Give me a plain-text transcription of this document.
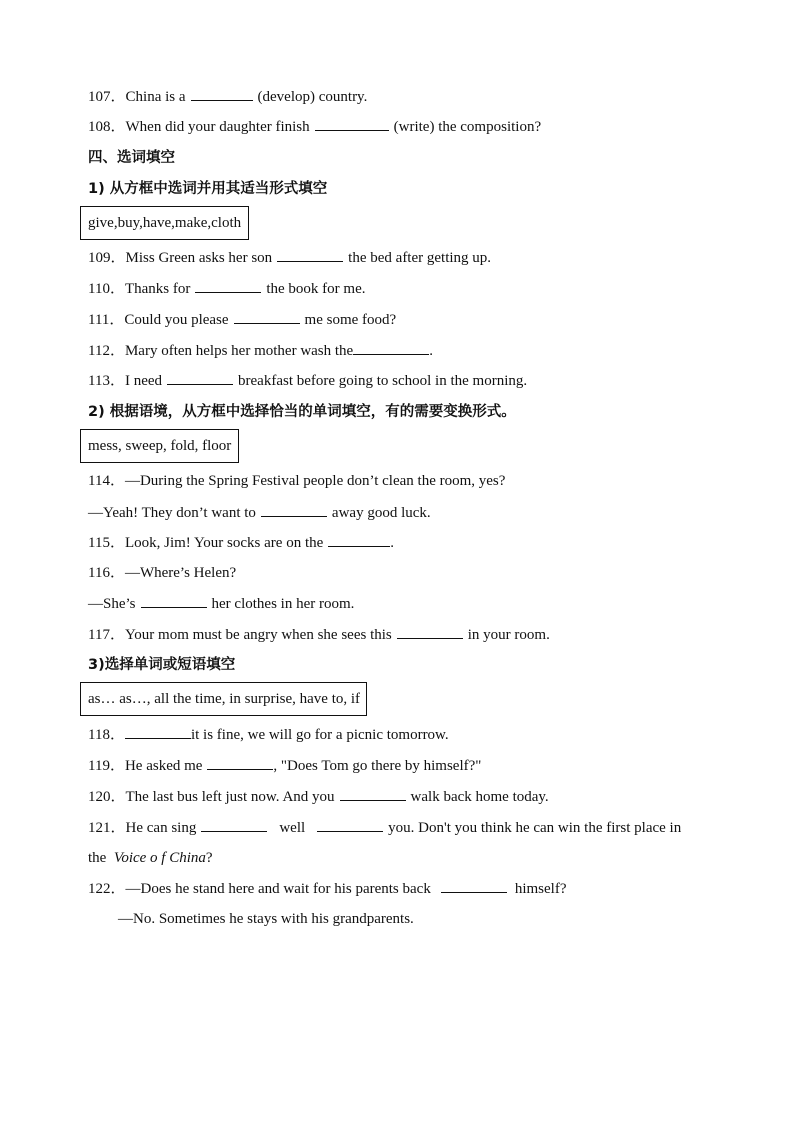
107．China is a	(develop) country.
108．When did your daughter finish	(write) the composition?
四、选词填空
1) 从方框中选词并用其适当形式填空
give,buy,have,make,cloth
109．Miss Green asks her son	the bed after getting up.
110．Thanks for	the book for me.
111．Could you please	me some food?
112．Mary often helps her mother wash the	.
113．I need	breakfast before going to school in the morning.
2) 根据语境，从方框中选择恰当的单词填空，有的需要变换形式。
mess, sweep, fold, floor
114．—During the Spring Festival people don’t clean the room, yes?
—Yeah! They don’t want to	away good luck.
115．Look, Jim! Your socks are on the	.
116．—Where’s Helen?
—She’s	her clothes in her room.
117．Your mom must be angry when she sees this	in your room.
3)选择单词或短语填空
as… as…, all the time, in surprise, have to, if
118．	it is fine, we will go for a picnic tomorrow.
119．He asked me	, "Does Tom go there by himself?"
120．The last bus left just now. And you	walk back home today.
121．He can sing	well	you. Don't you think he can win the first place in
the Voice o f China?
122．—Does he stand here and wait for his parents back	himself?
—No. Sometimes he stays with his grandparents.
